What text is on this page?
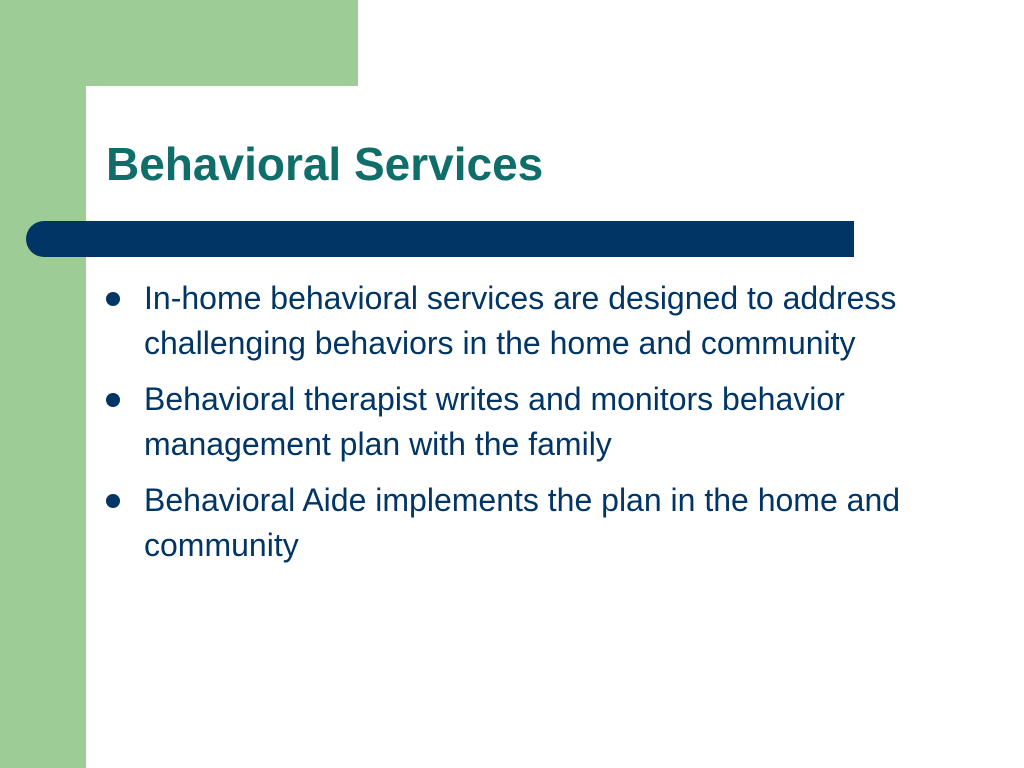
Behavioral Services
In-home behavioral services are designed to address challenging behaviors in the home and community
Behavioral therapist writes and monitors behavior management plan with the family
Behavioral Aide implements the plan in the home and community
